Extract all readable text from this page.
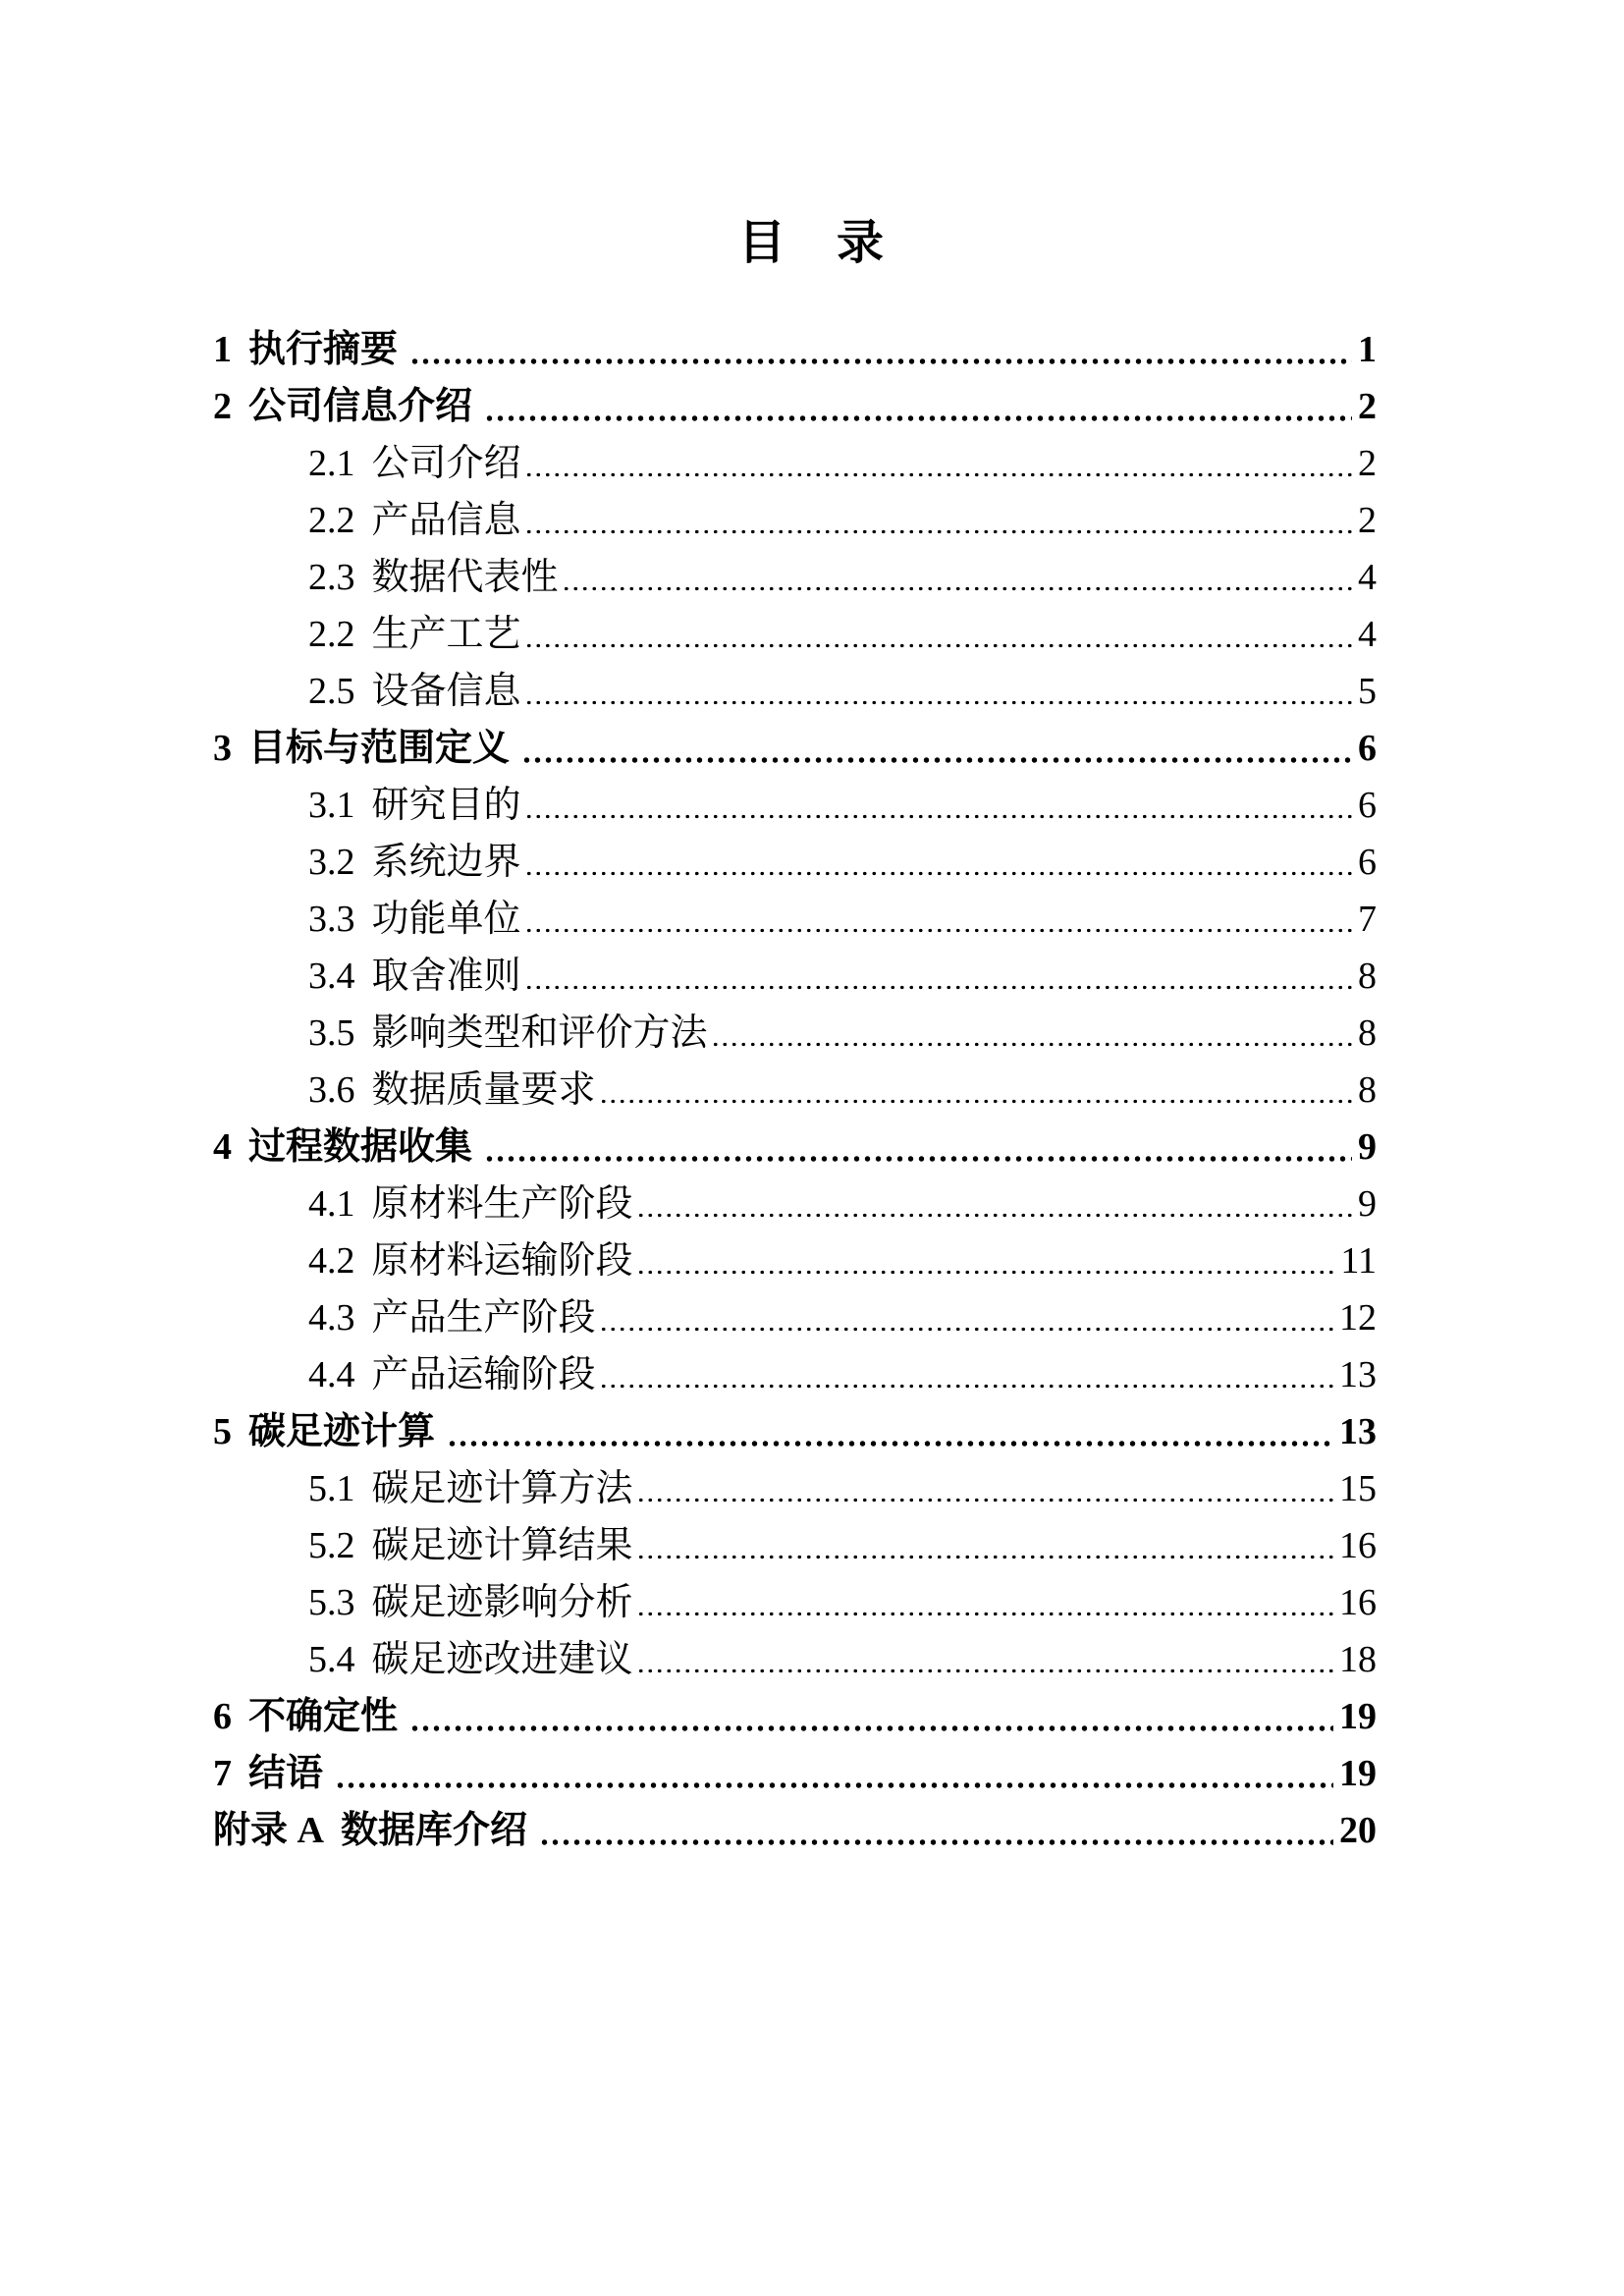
目　录
1 执行摘要	1
2 公司信息介绍	2
2.1 公司介绍	2
2.2 产品信息	2
2.3 数据代表性	4
2.2 生产工艺	4
2.5 设备信息	5
3 目标与范围定义	6
3.1 研究目的	6
3.2 系统边界	6
3.3 功能单位	7
3.4 取舍准则	8
3.5 影响类型和评价方法	8
3.6 数据质量要求	8
4 过程数据收集	9
4.1 原材料生产阶段	9
4.2 原材料运输阶段	11
4.3 产品生产阶段	12
4.4 产品运输阶段	13
5 碳足迹计算	13
5.1 碳足迹计算方法	15
5.2 碳足迹计算结果	16
5.3 碳足迹影响分析	16
5.4 碳足迹改进建议	18
6 不确定性	19
7 结语	19
附录 A 数据库介绍	20
